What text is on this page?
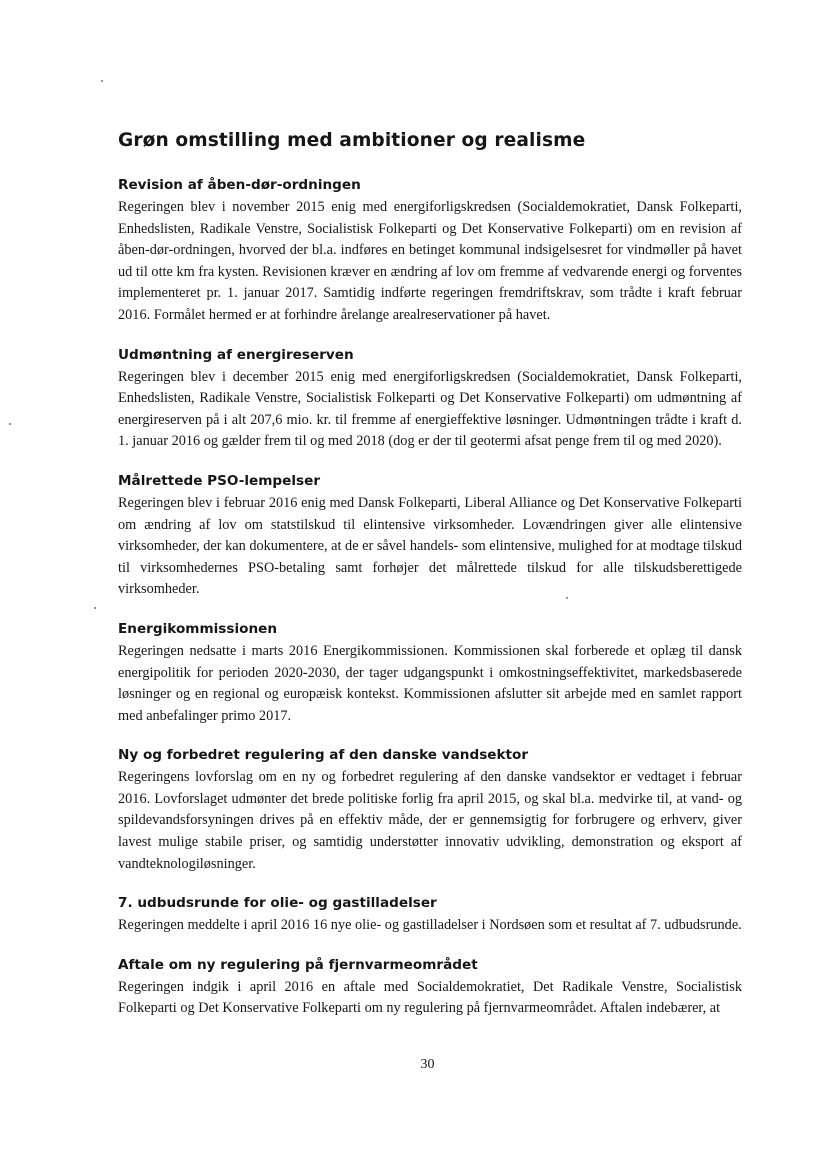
Grøn omstilling med ambitioner og realisme
Revision af åben-dør-ordningen

Regeringen blev i november 2015 enig med energiforligskredsen (Socialdemokratiet, Dansk Folkeparti, Enhedslisten, Radikale Venstre, Socialistisk Folkeparti og Det Konservative Folkeparti) om en revision af åben-dør-ordningen, hvorved der bl.a. indføres en betinget kommunal indsigelsesret for vindmøller på havet ud til otte km fra kysten. Revisionen kræver en ændring af lov om fremme af vedvarende energi og forventes implementeret pr. 1. januar 2017. Samtidig indførte regeringen fremdriftskrav, som trådte i kraft februar 2016. Formålet hermed er at forhindre årelange arealreservationer på havet.

Udmøntning af energireserven

Regeringen blev i december 2015 enig med energiforligskredsen (Socialdemokratiet, Dansk Folkeparti, Enhedslisten, Radikale Venstre, Socialistisk Folkeparti og Det Konservative Folkeparti) om udmøntning af energireserven på i alt 207,6 mio. kr. til fremme af energieffektive løsninger. Udmøntningen trådte i kraft d. 1. januar 2016 og gælder frem til og med 2018 (dog er der til geotermi afsat penge frem til og med 2020).

Målrettede PSO-lempelser

Regeringen blev i februar 2016 enig med Dansk Folkeparti, Liberal Alliance og Det Konservative Folkeparti om ændring af lov om statstilskud til elintensive virksomheder. Lovændringen giver alle elintensive virksomheder, der kan dokumentere, at de er såvel handels- som elintensive, mulighed for at modtage tilskud til virksomhedernes PSO-betaling samt forhøjer det målrettede tilskud for alle tilskudsberettigede virksomheder.

Energikommissionen

Regeringen nedsatte i marts 2016 Energikommissionen. Kommissionen skal forberede et oplæg til dansk energipolitik for perioden 2020-2030, der tager udgangspunkt i omkostningseffektivitet, markedsbaserede løsninger og en regional og europæisk kontekst. Kommissionen afslutter sit arbejde med en samlet rapport med anbefalinger primo 2017.

Ny og forbedret regulering af den danske vandsektor

Regeringens lovforslag om en ny og forbedret regulering af den danske vandsektor er vedtaget i februar 2016. Lovforslaget udmønter det brede politiske forlig fra april 2015, og skal bl.a. medvirke til, at vand- og spildevandsforsyningen drives på en effektiv måde, der er gennemsigtig for forbrugere og erhverv, giver lavest mulige stabile priser, og samtidig understøtter innovativ udvikling, demonstration og eksport af vandteknologiløsninger.

7. udbudsrunde for olie- og gastilladelser

Regeringen meddelte i april 2016 16 nye olie- og gastilladelser i Nordsøen som et resultat af 7. udbudsrunde.

Aftale om ny regulering på fjernvarmeområdet

Regeringen indgik i april 2016 en aftale med Socialdemokratiet, Det Radikale Venstre, Socialistisk Folkeparti og Det Konservative Folkeparti om ny regulering på fjernvarmeområdet. Aftalen indebærer, at

30
